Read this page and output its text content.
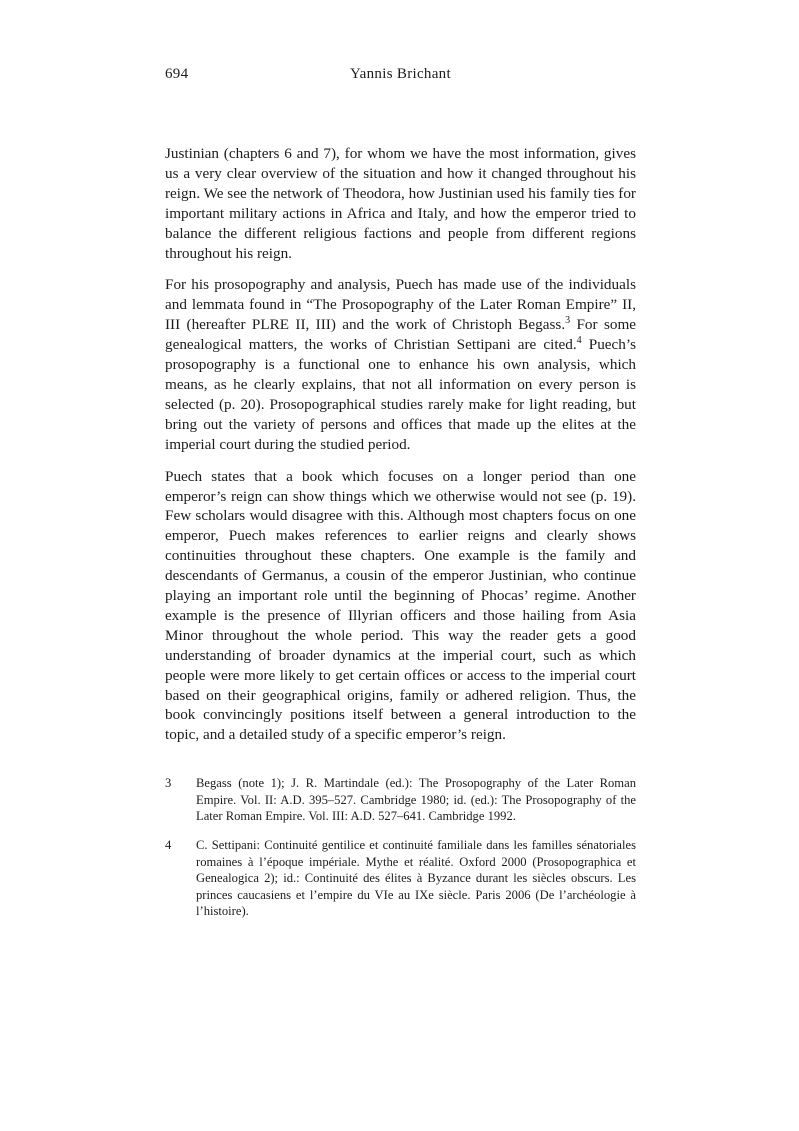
694	Yannis Brichant

Justinian (chapters 6 and 7), for whom we have the most information, gives us a very clear overview of the situation and how it changed throughout his reign. We see the network of Theodora, how Justinian used his family ties for important military actions in Africa and Italy, and how the emperor tried to balance the different religious factions and people from different regions throughout his reign.

For his prosopography and analysis, Puech has made use of the individuals and lemmata found in “The Prosopography of the Later Roman Empire” II, III (hereafter PLRE II, III) and the work of Christoph Begass.$^3$ For some genealogical matters, the works of Christian Settipani are cited.$^4$ Puech’s prosopography is a functional one to enhance his own analysis, which means, as he clearly explains, that not all information on every person is selected (p. 20). Prosopographical studies rarely make for light reading, but bring out the variety of persons and offices that made up the elites at the imperial court during the studied period.

Puech states that a book which focuses on a longer period than one emperor’s reign can show things which we otherwise would not see (p. 19). Few scholars would disagree with this. Although most chapters focus on one emperor, Puech makes references to earlier reigns and clearly shows continuities throughout these chapters. One example is the family and descendants of Germanus, a cousin of the emperor Justinian, who continue playing an important role until the beginning of Phocas’ regime. Another example is the presence of Illyrian officers and those hailing from Asia Minor throughout the whole period. This way the reader gets a good understanding of broader dynamics at the imperial court, such as which people were more likely to get certain offices or access to the imperial court based on their geographical origins, family or adhered religion. Thus, the book convincingly positions itself between a general introduction to the topic, and a detailed study of a specific emperor’s reign.

3	Begass (note 1); J. R. Martindale (ed.): The Prosopography of the Later Roman Empire. Vol. II: A.D. 395–527. Cambridge 1980; id. (ed.): The Prosopography of the Later Roman Empire. Vol. III: A.D. 527–641. Cambridge 1992.
4	C. Settipani: Continuité gentilice et continuité familiale dans les familles sénatoriales romaines à l’époque impériale. Mythe et réalité. Oxford 2000 (Prosopographica et Genealogica 2); id.: Continuité des élites à Byzance durant les siècles obscurs. Les princes caucasiens et l’empire du VIe au IXe siècle. Paris 2006 (De l’archéologie à l’histoire).
